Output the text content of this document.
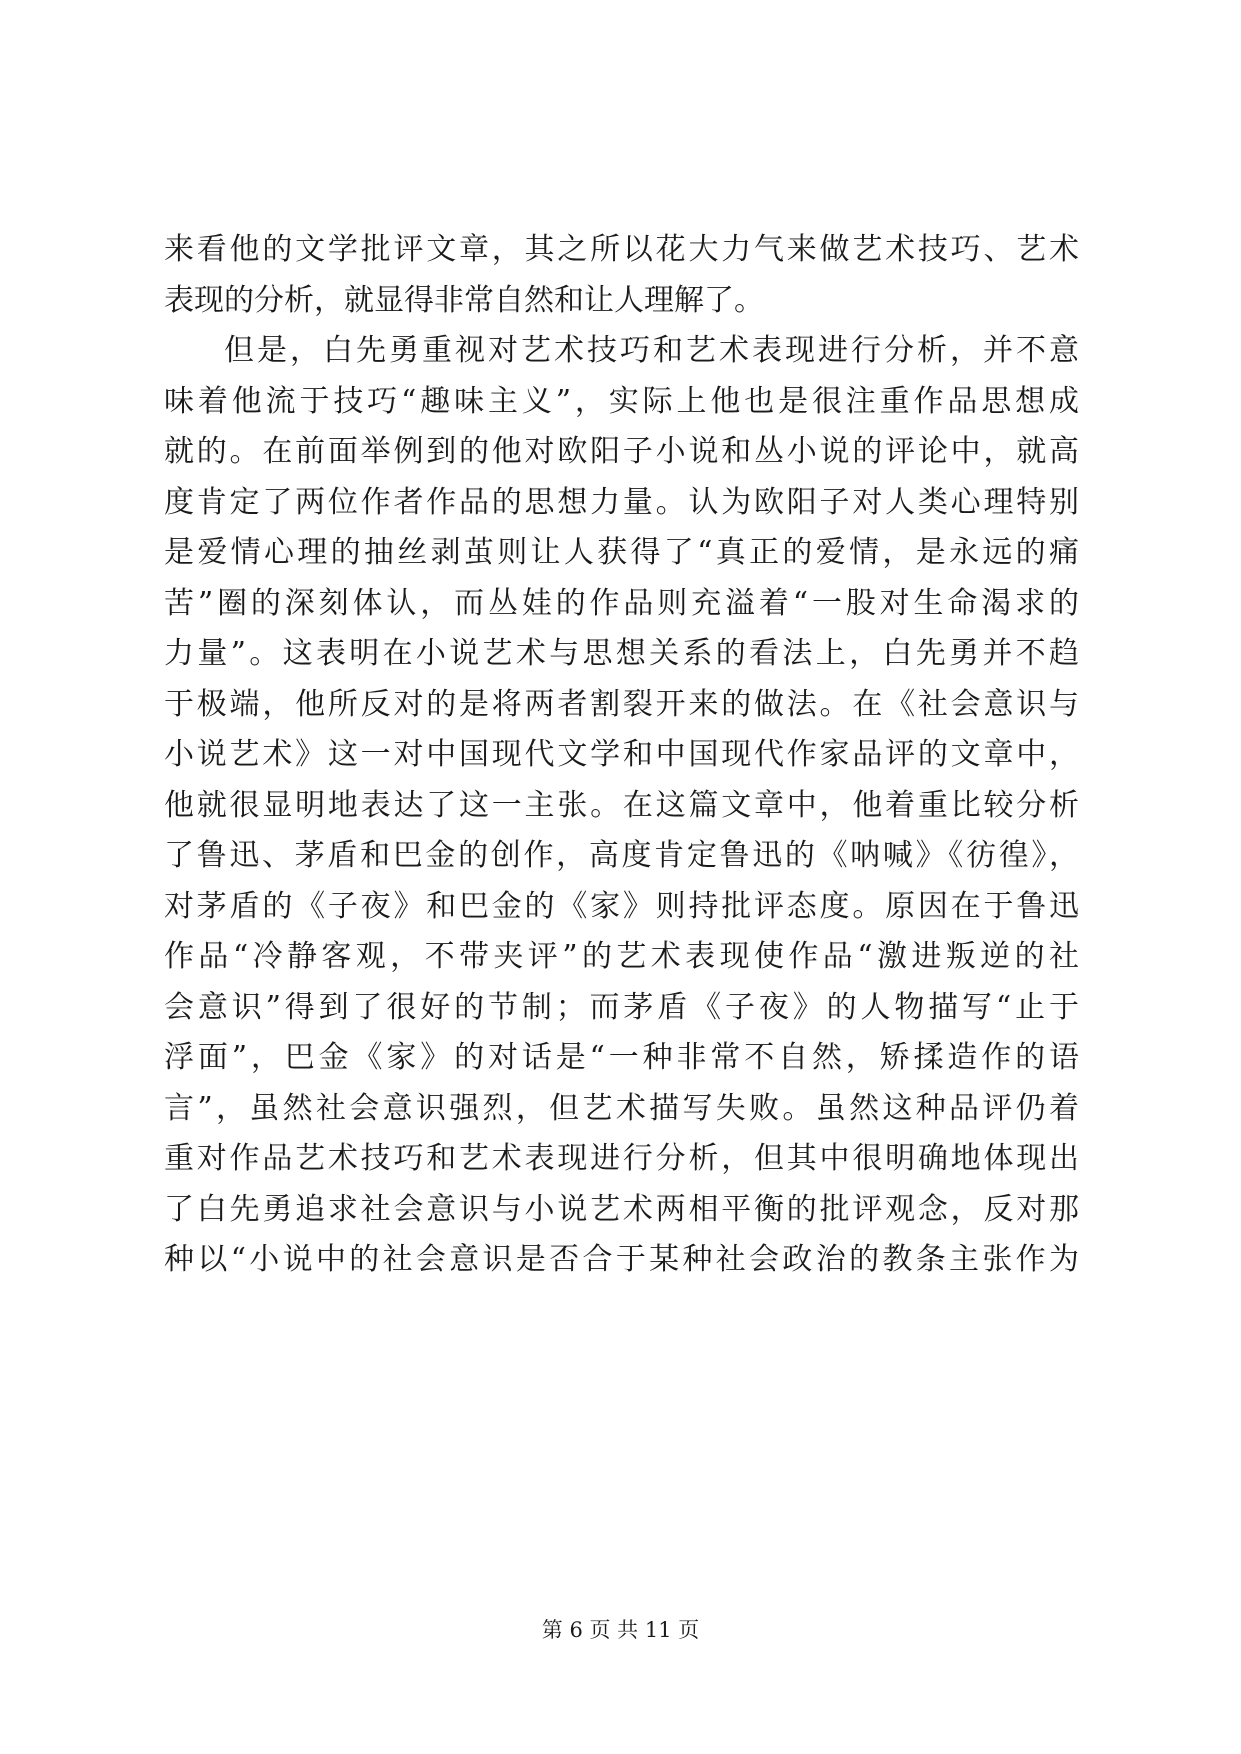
来看他的文学批评文章，其之所以花大力气来做艺术技巧、艺术
表现的分析，就显得非常自然和让人理解了。
但是，白先勇重视对艺术技巧和艺术表现进行分析，并不意
味着他流于技巧“趣味主义”，实际上他也是很注重作品思想成
就的。在前面举例到的他对欧阳子小说和丛小说的评论中，就高
度肯定了两位作者作品的思想力量。认为欧阳子对人类心理特别
是爱情心理的抽丝剥茧则让人获得了“真正的爱情，是永远的痛
苦”圈的深刻体认，而丛娃的作品则充溢着“一股对生命渴求的
力量”。这表明在小说艺术与思想关系的看法上，白先勇并不趋
于极端，他所反对的是将两者割裂开来的做法。在《社会意识与
小说艺术》这一对中国现代文学和中国现代作家品评的文章中，
他就很显明地表达了这一主张。在这篇文章中，他着重比较分析
了鲁迅、茅盾和巴金的创作，高度肯定鲁迅的《呐喊》《彷徨》，
对茅盾的《子夜》和巴金的《家》则持批评态度。原因在于鲁迅
作品“冷静客观，不带夹评”的艺术表现使作品“激进叛逆的社
会意识”得到了很好的节制；而茅盾《子夜》的人物描写“止于
浮面”，巴金《家》的对话是“一种非常不自然，矫揉造作的语
言”，虽然社会意识强烈，但艺术描写失败。虽然这种品评仍着
重对作品艺术技巧和艺术表现进行分析，但其中很明确地体现出
了白先勇追求社会意识与小说艺术两相平衡的批评观念，反对那
种以“小说中的社会意识是否合于某种社会政治的教条主张作为
第 6 页 共 11 页
